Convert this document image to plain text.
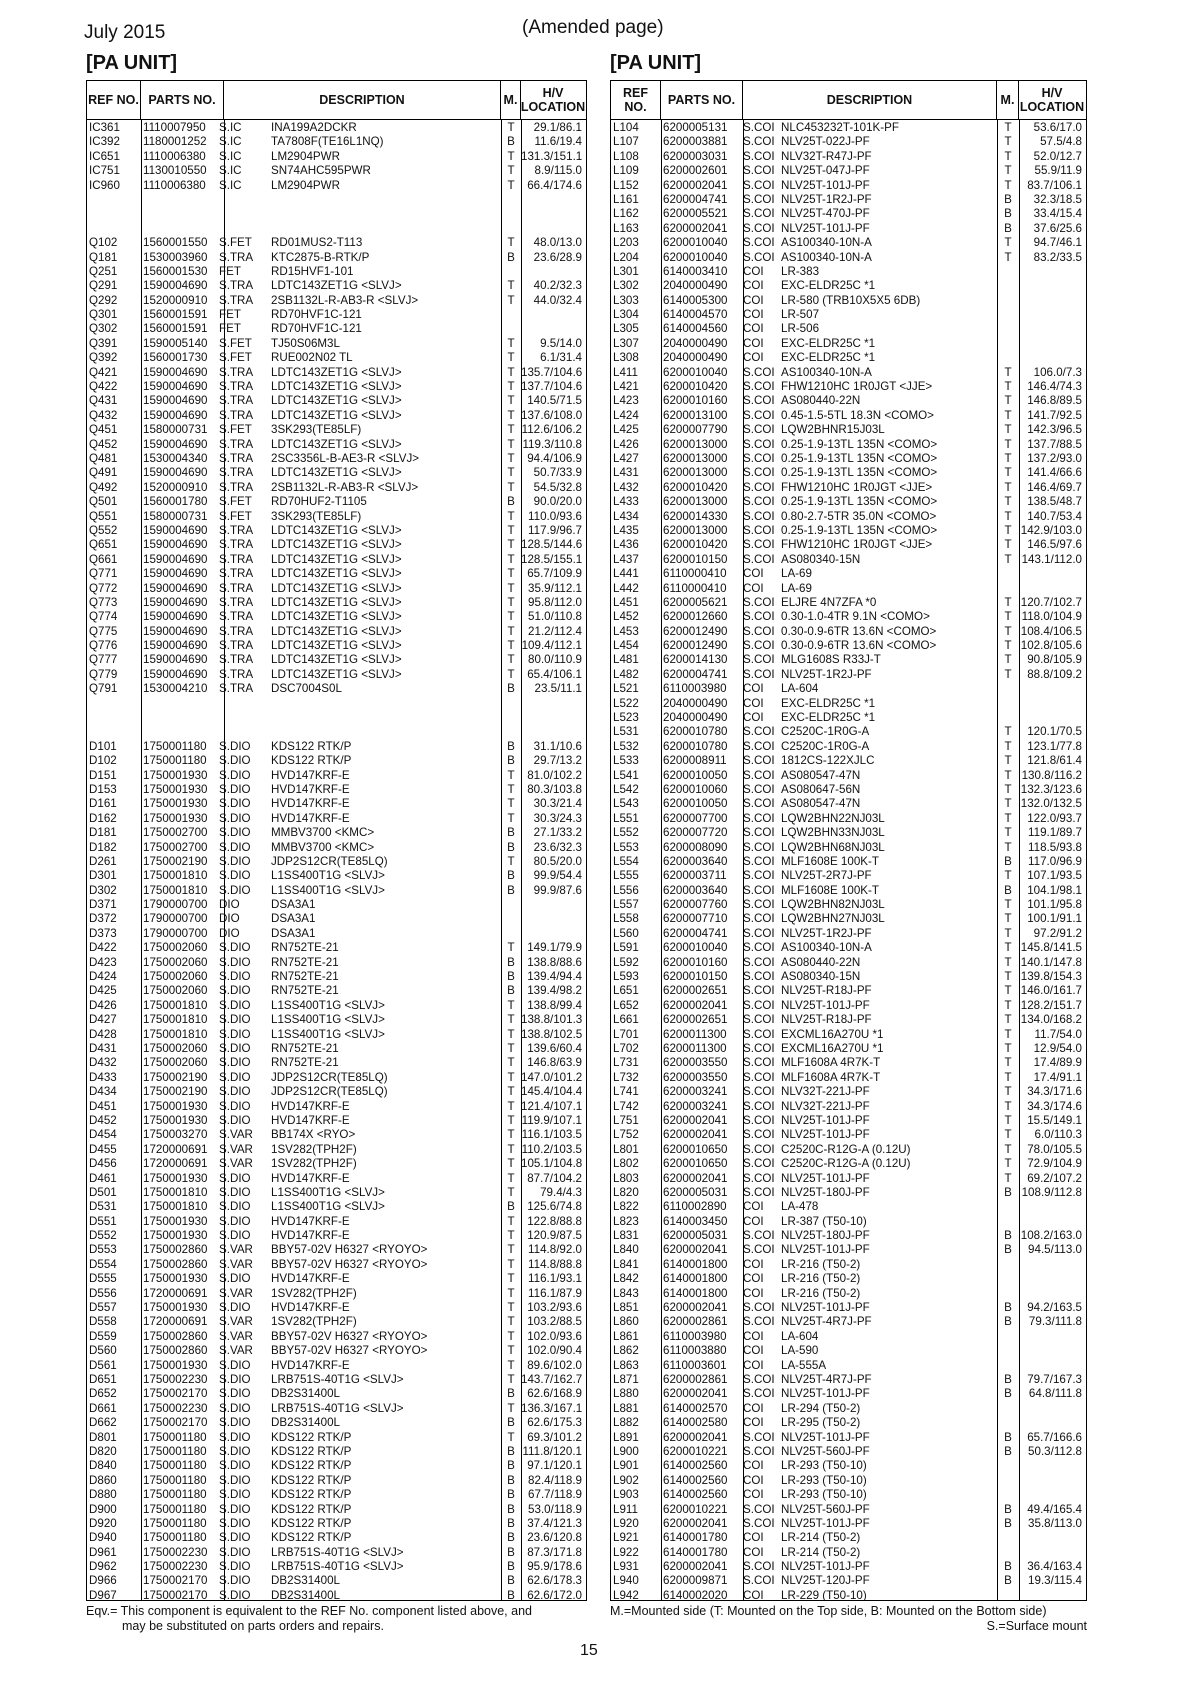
July 2015	(Amended page)
[PA UNIT]	[PA UNIT]
REF NO. PARTS NO.	DESCRIPTION	M.
H/V LOCATION
IC361	1110007950	S.IC	INA199A2DCKR	T	29.1/86.1
IC392	1180001252	S.IC	TA7808F(TE16L1NQ)	B	11.6/19.4
IC651	1110006380	S.IC	LM2904PWR	T 131.3/151.1
IC751	1130010550	S.IC	SN74AHC595PWR	T	8.9/115.0
IC960	1110006380	S.IC	LM2904PWR	T	66.4/174.6
Q102	1560001550 S.FET	RD01MUS2-T113	T	48.0/13.0
Q181	1530003960 S.TRA	KTC2875-B-RTK/P	B	23.6/28.9
Q251	1560001530 FET	RD15HVF1-101
Q291	1590004690 S.TRA	LDTC143ZET1G <SLVJ>	T	40.2/32.3
Q292	1520000910 S.TRA	2SB1132L-R-AB3-R <SLVJ>	T	44.0/32.4
Q301	1560001591 FET	RD70HVF1C-121
Q302	1560001591 FET	RD70HVF1C-121
Q391	1590005140 S.FET	TJ50S06M3L	T	9.5/14.0
Q392	1560001730 S.FET	RUE002N02 TL	T	6.1/31.4
Q421	1590004690 S.TRA	LDTC143ZET1G <SLVJ>	T 135.7/104.6
Q422	1590004690 S.TRA	LDTC143ZET1G <SLVJ>	T 137.7/104.6
Q431	1590004690 S.TRA	LDTC143ZET1G <SLVJ>	T	140.5/71.5
Q432	1590004690 S.TRA	LDTC143ZET1G <SLVJ>	T 137.6/108.0
Q451	1580000731 S.FET	3SK293(TE85LF)	T 112.6/106.2
Q452	1590004690 S.TRA	LDTC143ZET1G <SLVJ>	T 119.3/110.8
Q481	1530004340 S.TRA	2SC3356L-B-AE3-R <SLVJ>	T	94.4/106.9
Q491	1590004690 S.TRA	LDTC143ZET1G <SLVJ>	T	50.7/33.9
Q492	1520000910 S.TRA	2SB1132L-R-AB3-R <SLVJ>	T	54.5/32.8
Q501	1560001780 S.FET	RD70HUF2-T1105	B	90.0/20.0
Q551	1580000731 S.FET	3SK293(TE85LF)	T	110.0/93.6
Q552	1590004690 S.TRA	LDTC143ZET1G <SLVJ>	T	117.9/96.7
Q651	1590004690 S.TRA	LDTC143ZET1G <SLVJ>	T 128.5/144.6
Q661	1590004690 S.TRA	LDTC143ZET1G <SLVJ>	T 128.5/155.1
Q771	1590004690 S.TRA	LDTC143ZET1G <SLVJ>	T	65.7/109.9
Q772	1590004690 S.TRA	LDTC143ZET1G <SLVJ>	T	35.9/112.1
Q773	1590004690 S.TRA	LDTC143ZET1G <SLVJ>	T	95.8/112.0
Q774	1590004690 S.TRA	LDTC143ZET1G <SLVJ>	T	51.0/110.8
Q775	1590004690 S.TRA	LDTC143ZET1G <SLVJ>	T	21.2/112.4
Q776	1590004690 S.TRA	LDTC143ZET1G <SLVJ>	T 109.4/112.1
Q777	1590004690 S.TRA	LDTC143ZET1G <SLVJ>	T	80.0/110.9
Q779	1590004690 S.TRA	LDTC143ZET1G <SLVJ>	T	65.4/106.1
Q791	1530004210 S.TRA	DSC7004S0L	B	23.5/11.1
D101	1750001180	S.DIO	KDS122 RTK/P	B	31.1/10.6
D102	1750001180	S.DIO	KDS122 RTK/P	B	29.7/13.2
D151	1750001930 S.DIO	HVD147KRF-E	T	81.0/102.2
D153	1750001930 S.DIO	HVD147KRF-E	T	80.3/103.8
D161	1750001930 S.DIO	HVD147KRF-E	T	30.3/21.4
D162	1750001930 S.DIO	HVD147KRF-E	T	30.3/24.3
D181	1750002700 S.DIO	MMBV3700 <KMC>	B	27.1/33.2
D182	1750002700 S.DIO	MMBV3700 <KMC>	B	23.6/32.3
D261	1750002190 S.DIO	JDP2S12CR(TE85LQ)	T	80.5/20.0
D301	1750001810 S.DIO	L1SS400T1G <SLVJ>	B	99.9/54.4
D302	1750001810 S.DIO	L1SS400T1G <SLVJ>	B	99.9/87.6
D371	1790000700 DIO	DSA3A1
D372	1790000700 DIO	DSA3A1
D373	1790000700 DIO	DSA3A1
D422	1750002060 S.DIO	RN752TE-21	T	149.1/79.9
D423	1750002060 S.DIO	RN752TE-21	B	138.8/88.6
D424	1750002060 S.DIO	RN752TE-21	B	139.4/94.4
D425	1750002060 S.DIO	RN752TE-21	B	139.4/98.2
D426	1750001810 S.DIO	L1SS400T1G <SLVJ>	T	138.8/99.4
D427	1750001810 S.DIO	L1SS400T1G <SLVJ>	T 138.8/101.3
D428	1750001810 S.DIO	L1SS400T1G <SLVJ>	T 138.8/102.5
D431	1750002060 S.DIO	RN752TE-21	T	139.6/60.4
D432	1750002060 S.DIO	RN752TE-21	T	146.8/63.9
D433	1750002190 S.DIO	JDP2S12CR(TE85LQ)	T 147.0/101.2
D434	1750002190 S.DIO	JDP2S12CR(TE85LQ)	T 145.4/104.4
D451	1750001930 S.DIO	HVD147KRF-E	T 121.4/107.1
D452	1750001930 S.DIO	HVD147KRF-E	T 119.9/107.1
D454	1750003270 S.VAR	BB174X <RYO>	T 116.1/103.5
D455	1720000691 S.VAR	1SV282(TPH2F)	T 110.2/103.5
D456	1720000691 S.VAR	1SV282(TPH2F)	T 105.1/104.8
D461	1750001930 S.DIO	HVD147KRF-E	T	87.7/104.2
D501	1750001810 S.DIO	L1SS400T1G <SLVJ>	T	79.4/4.3
D531	1750001810 S.DIO	L1SS400T1G <SLVJ>	B	125.6/74.8
D551	1750001930 S.DIO	HVD147KRF-E	T	122.8/88.8
D552	1750001930 S.DIO	HVD147KRF-E	T	120.9/87.5
D553	1750002860 S.VAR	BBY57-02V H6327 <RYOYO>	T	114.8/92.0
D554	1750002860 S.VAR	BBY57-02V H6327 <RYOYO>	T	114.8/88.8
D555	1750001930 S.DIO	HVD147KRF-E	T	116.1/93.1
D556	1720000691 S.VAR	1SV282(TPH2F)	T	116.1/87.9
D557	1750001930 S.DIO	HVD147KRF-E	T	103.2/93.6
D558	1720000691 S.VAR	1SV282(TPH2F)	T	103.2/88.5
D559	1750002860 S.VAR	BBY57-02V H6327 <RYOYO>	T	102.0/93.6
D560	1750002860 S.VAR	BBY57-02V H6327 <RYOYO>	T	102.0/90.4
D561	1750001930 S.DIO	HVD147KRF-E	T	89.6/102.0
D651	1750002230 S.DIO	LRB751S-40T1G <SLVJ>	T 143.7/162.7
D652	1750002170 S.DIO	DB2S31400L	B	62.6/168.9
D661	1750002230 S.DIO	LRB751S-40T1G <SLVJ>	T 136.3/167.1
D662	1750002170 S.DIO	DB2S31400L	B	62.6/175.3
D801	1750001180	S.DIO	KDS122 RTK/P	T	69.3/101.2
D820	1750001180	S.DIO	KDS122 RTK/P	B 111.8/120.1
D840	1750001180	S.DIO	KDS122 RTK/P	B	97.1/120.1
D860	1750001180	S.DIO	KDS122 RTK/P	B	82.4/118.9
D880	1750001180	S.DIO	KDS122 RTK/P	B	67.7/118.9
D900	1750001180	S.DIO	KDS122 RTK/P	B	53.0/118.9
D920	1750001180	S.DIO	KDS122 RTK/P	B	37.4/121.3
D940	1750001180	S.DIO	KDS122 RTK/P	B	23.6/120.8
D961	1750002230 S.DIO	LRB751S-40T1G <SLVJ>	B	87.3/171.8
D962	1750002230 S.DIO	LRB751S-40T1G <SLVJ>	B	95.9/178.6
D966	1750002170 S.DIO	DB2S31400L	B	62.6/178.3
D967	1750002170 S.DIO	DB2S31400L	B	62.6/172.0
REF NO.
PARTS NO.	DESCRIPTION	M.
H/V LOCATION
L104	6200005131	S.COI NLC453232T-101K-PF	T	53.6/17.0
L107	6200003881	S.COI NLV25T-022J-PF	T	57.5/4.8
L108	6200003031	S.COI NLV32T-R47J-PF	T	52.0/12.7
L109	6200002601	S.COI NLV25T-047J-PF	T	55.9/11.9
L152	6200002041	S.COI NLV25T-101J-PF	T	83.7/106.1
L161	6200004741	S.COI NLV25T-1R2J-PF	B	32.3/18.5
L162	6200005521	S.COI NLV25T-470J-PF	B	33.4/15.4
L163	6200002041	S.COI NLV25T-101J-PF	B	37.6/25.6
L203	6200010040	S.COI AS100340-10N-A	T	94.7/46.1
L204	6200010040	S.COI AS100340-10N-A	T	83.2/33.5
L301	6140003410	COI	LR-383
L302	2040000490	COI	EXC-ELDR25C *1
L303	6140005300	COI	LR-580 (TRB10X5X5 6DB)
L304	6140004570	COI	LR-507
L305	6140004560	COI	LR-506
L307	2040000490	COI	EXC-ELDR25C *1
L308	2040000490	COI	EXC-ELDR25C *1
L411	6200010040	S.COI AS100340-10N-A	T	106.0/7.3
L421	6200010420	S.COI FHW1210HC 1R0JGT <JJE>	T	146.4/74.3
L423	6200010160	S.COI AS080440-22N	T	146.8/89.5
L424	6200013100	S.COI 0.45-1.5-5TL 18.3N <COMO>	T	141.7/92.5
L425	6200007790	S.COI LQW2BHNR15J03L	T	142.3/96.5
L426	6200013000	S.COI 0.25-1.9-13TL 135N <COMO>	T	137.7/88.5
L427	6200013000	S.COI 0.25-1.9-13TL 135N <COMO>	T	137.2/93.0
L431	6200013000	S.COI 0.25-1.9-13TL 135N <COMO>	T	141.4/66.6
L432	6200010420	S.COI FHW1210HC 1R0JGT <JJE>	T	146.4/69.7
L433	6200013000	S.COI 0.25-1.9-13TL 135N <COMO>	T	138.5/48.7
L434	6200014330	S.COI 0.80-2.7-5TR 35.0N <COMO>	T	140.7/53.4
L435	6200013000	S.COI 0.25-1.9-13TL 135N <COMO>	T 142.9/103.0
L436	6200010420	S.COI FHW1210HC 1R0JGT <JJE>	T	146.5/97.6
L437	6200010150	S.COI AS080340-15N	T 143.1/112.0
L441	6110000410	COI	LA-69
L442	6110000410	COI	LA-69
L451	6200005621	S.COI ELJRE 4N7ZFA *0	T 120.7/102.7
L452	6200012660	S.COI 0.30-1.0-4TR 9.1N <COMO>	T 118.0/104.9
L453	6200012490	S.COI 0.30-0.9-6TR 13.6N <COMO>	T 108.4/106.5
L454	6200012490	S.COI 0.30-0.9-6TR 13.6N <COMO>	T 102.8/105.6
L481	6200014130	S.COI MLG1608S R33J-T	T	90.8/105.9
L482	6200004741	S.COI NLV25T-1R2J-PF	T	88.8/109.2
L521	6110003980	COI	LA-604
L522	2040000490	COI	EXC-ELDR25C *1
L523	2040000490	COI	EXC-ELDR25C *1
L531	6200010780	S.COI C2520C-1R0G-A	T	120.1/70.5
L532	6200010780	S.COI C2520C-1R0G-A	T	123.1/77.8
L533	6200008911	S.COI 1812CS-122XJLC	T	121.8/61.4
L541	6200010050	S.COI AS080547-47N	T 130.8/116.2
L542	6200010060	S.COI AS080647-56N	T 132.3/123.6
L543	6200010050	S.COI AS080547-47N	T 132.0/132.5
L551	6200007700	S.COI LQW2BHN22NJ03L	T	122.0/93.7
L552	6200007720	S.COI LQW2BHN33NJ03L	T	119.1/89.7
L553	6200008090	S.COI LQW2BHN68NJ03L	T	118.5/93.8
L554	6200003640	S.COI MLF1608E 100K-T	B	117.0/96.9
L555	6200003711	S.COI NLV25T-2R7J-PF	T	107.1/93.5
L556	6200003640	S.COI MLF1608E 100K-T	B	104.1/98.1
L557	6200007760	S.COI LQW2BHN82NJ03L	T	101.1/95.8
L558	6200007710	S.COI LQW2BHN27NJ03L	T	100.1/91.1
L560	6200004741	S.COI NLV25T-1R2J-PF	T	97.2/91.2
L591	6200010040	S.COI AS100340-10N-A	T 145.8/141.5
L592	6200010160	S.COI AS080440-22N	T 140.1/147.8
L593	6200010150	S.COI AS080340-15N	T 139.8/154.3
L651	6200002651	S.COI NLV25T-R18J-PF	T 146.0/161.7
L652	6200002041	S.COI NLV25T-101J-PF	T 128.2/151.7
L661	6200002651	S.COI NLV25T-R18J-PF	T 134.0/168.2
L701	6200011300	S.COI EXCML16A270U *1	T	11.7/54.0
L702	6200011300	S.COI EXCML16A270U *1	T	12.9/54.0
L731	6200003550	S.COI MLF1608A 4R7K-T	T	17.4/89.9
L732	6200003550	S.COI MLF1608A 4R7K-T	T	17.4/91.1
L741	6200003241	S.COI NLV32T-221J-PF	T	34.3/171.6
L742	6200003241	S.COI NLV32T-221J-PF	T	34.3/174.6
L751	6200002041	S.COI NLV25T-101J-PF	T	15.5/149.1
L752	6200002041	S.COI NLV25T-101J-PF	T	6.0/110.3
L801	6200010650	S.COI C2520C-R12G-A (0.12U)	T	78.0/105.5
L802	6200010650	S.COI C2520C-R12G-A (0.12U)	T	72.9/104.9
L803	6200002041	S.COI NLV25T-101J-PF	T	69.2/107.2
L820	6200005031	S.COI NLV25T-180J-PF	B 108.9/112.8
L822	6110002890	COI	LA-478
L823	6140003450	COI	LR-387 (T50-10)
L831	6200005031	S.COI NLV25T-180J-PF	B 108.2/163.0
L840	6200002041	S.COI NLV25T-101J-PF	B	94.5/113.0
L841	6140001800	COI	LR-216 (T50-2)
L842	6140001800	COI	LR-216 (T50-2)
L843	6140001800	COI	LR-216 (T50-2)
L851	6200002041	S.COI NLV25T-101J-PF	B	94.2/163.5
L860	6200002861	S.COI NLV25T-4R7J-PF	B	79.3/111.8
L861	6110003980	COI	LA-604
L862	6110003880	COI	LA-590
L863	6110003601	COI	LA-555A
L871	6200002861	S.COI NLV25T-4R7J-PF	B	79.7/167.3
L880	6200002041	S.COI NLV25T-101J-PF	B	64.8/111.8
L881	6140002570	COI	LR-294 (T50-2)
L882	6140002580	COI	LR-295 (T50-2)
L891	6200002041	S.COI NLV25T-101J-PF	B	65.7/166.6
L900	6200010221	S.COI NLV25T-560J-PF	B	50.3/112.8
L901	6140002560	COI	LR-293 (T50-10)
L902	6140002560	COI	LR-293 (T50-10)
L903	6140002560	COI	LR-293 (T50-10)
L911	6200010221	S.COI NLV25T-560J-PF	B	49.4/165.4
L920	6200002041	S.COI NLV25T-101J-PF	B	35.8/113.0
L921	6140001780	COI	LR-214 (T50-2)
L922	6140001780	COI	LR-214 (T50-2)
L931	6200002041	S.COI NLV25T-101J-PF	B	36.4/163.4
L940	6200009871	S.COI NLV25T-120J-PF	B	19.3/115.4
L942	6140002020	COI	LR-229 (T50-10)
Eqv.= This component is equivalent to the REF No. component listed above, and
may be substituted on parts orders and repairs.
M.=Mounted side (T: Mounted on the Top side, B: Mounted on the Bottom side)
S.=Surface mount
15
